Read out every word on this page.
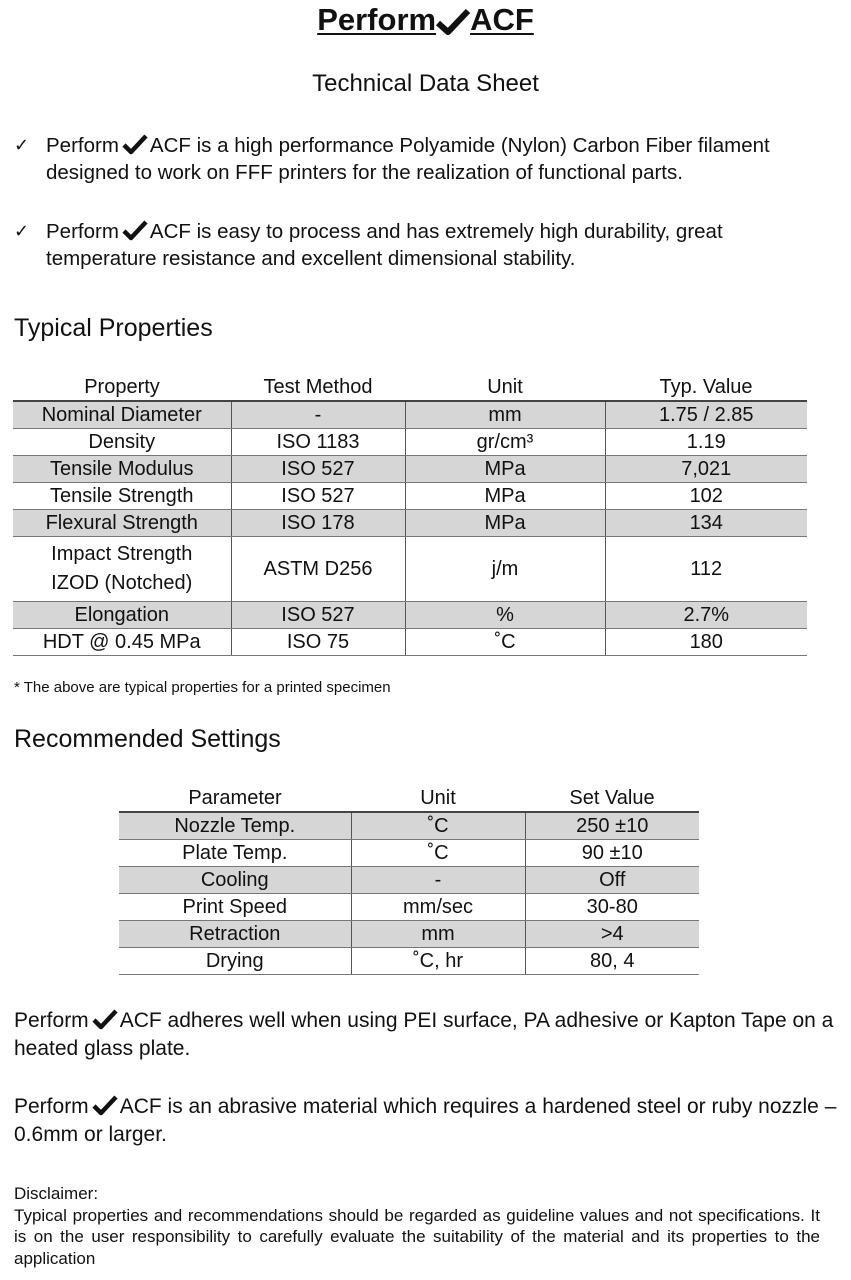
Perform ACF
Technical Data Sheet
✓ Perform ACF is a high performance Polyamide (Nylon) Carbon Fiber filament designed to work on FFF printers for the realization of functional parts.
✓ Perform ACF is easy to process and has extremely high durability, great temperature resistance and excellent dimensional stability.
Typical Properties
Property	Test Method	Unit	Typ. Value
Nominal Diameter	-	mm	1.75 / 2.85
Density	ISO 1183	gr/cm³	1.19
Tensile Modulus	ISO 527	MPa	7,021
Tensile Strength	ISO 527	MPa	102
Flexural Strength	ISO 178	MPa	134

Impact Strength IZOD (Notched)	ASTM D256	j/m	112
Elongation	ISO 527	%	2.7%
HDT @ 0.45 MPa	ISO 75	˚C	180
* The above are typical properties for a printed specimen
Recommended Settings
Parameter	Unit	Set Value
Nozzle Temp.	˚C	250 ±10
Plate Temp.	˚C	90 ±10
Cooling	-	Off
Print Speed	mm/sec	30-80
Retraction	mm	>4
Drying	˚C, hr	80, 4
Perform ACF adheres well when using PEI surface, PA adhesive or Kapton Tape on a heated glass plate.
Perform ACF is an abrasive material which requires a hardened steel or ruby nozzle – 0.6mm or larger.
Disclaimer:
Typical properties and recommendations should be regarded as guideline values and not specifications. It is on the user responsibility to carefully evaluate the suitability of the material and its properties to the application
